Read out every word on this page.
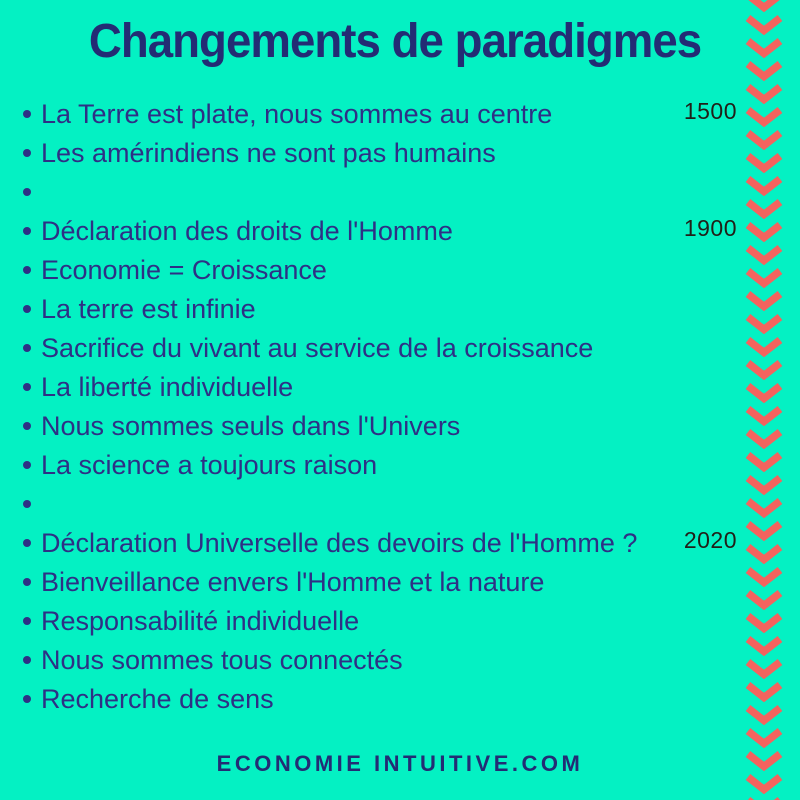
Changements de paradigmes
La Terre est plate, nous sommes au centre	1500
Les amérindiens ne sont pas humains
Déclaration des droits de l'Homme	1900
Economie = Croissance
La terre est infinie
Sacrifice du vivant au service de la croissance
La liberté individuelle
Nous sommes seuls dans l'Univers
La science a toujours raison
Déclaration Universelle des devoirs de l'Homme ? 2020
Bienveillance envers l'Homme et la nature
Responsabilité individuelle
Nous sommes tous connectés
Recherche de sens
ECONOMIE INTUITIVE.COM
